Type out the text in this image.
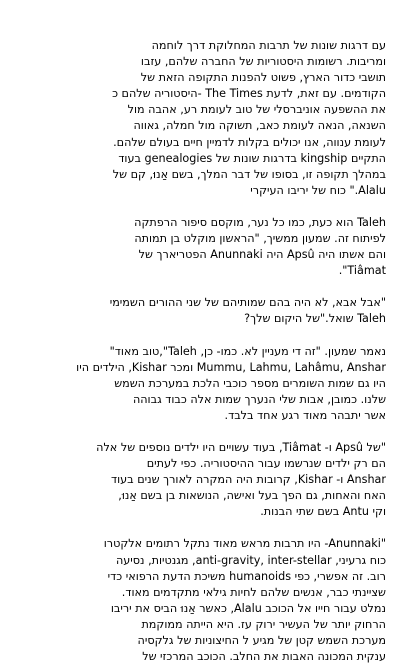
עם דרגות שונות של תרבות המחלוקת דרך לוחמה
ומריבות. רשומות היסטוריות של החברה שלהם, עזבו
תושבי כדור הארץ, פשוט להפנות התקופה הזאת של
הקודמים. עם זאת, לדעת The Times -היסטוריה שלהם כ
את ההשפעה אוניברסלי של טוב לעומת רע, אהבה מול
השנאה, הנאה לעומת כאב, תשוקה מול חמלה, גאווה
לעומת ענווה, אנו יכולים בקלות לדמיין חיים בעולם שלהם.
התקיים kingship בדרגות שונות של genealogies בעוד
במהלך תקופה זו, בסופו של דבר המלך, בשם אַנוּ, קם של
Alalu." כוח של יריבו העיקרי

Taleh הוא כעת, כמו כל נער, מוקסם סיפור הרפתקה
לפיתוח זה. שמעון ממשיך, "הראשון מוקלט בן תמותה
והם אשתו היה Apsû היה Anunnaki הפטריארך של
Tiâmat".

"אבל אבא, לא היה בהם שמותיהם של שני ההורים השמימי
Taleh שואל."של היקום שלך?

נאמר שמעון. "זה די מעניין לא. כמו- כן, Taleh",טוב מאוד"
Mummu, Lahmu, Lahâmu, Anshar ומכר Kishar, הילדים היו
היו גם שמות השומרים מספר כוכבי הלכת במערכת השמש
שלנו. כמובן, אבות שלי הנערך שמות אלה כבוד גבוהה
אשר יתבהר מאוד רגע אחד בלבד.

"של Apsû ו- Tiâmat, בעוד עשויים היו ילדים נוספים של אלה
הם רק ילדים שנרשמו עבור ההיסטוריה. כפי לעתים
Anshar ו- Kishar, קרובות היה המקרה לאורך שנים בעוד
האח והאחות, גם הפך בעל ואישה, הנושאות בן בשם אַנוּ,
וקי Antu בשם שתי הבנות.

"Anunnaki- היו תרבות מראש מאוד נתקל רתומים אלקטרו
כוח גרעיני, anti-gravity, inter-stellar, מגנטיות, נסיעה
רוב. זה אפשרי, כפי humanoids משיכת הדעת הרפואי כדי
שציינתי כבר, אנשים שלהם לחיות גילאי מתקדמים מאוד.
נמלט עבור חייו אל הכוכב Alalu, כאשר אַנוּ הביס את יריבו
הרחוק יותר של העשיר ירוק עז. היא הייתה ממוקמת
מערכת השמש קטן של מגיע ל החיצוניות של גלקסיה
ענקית המכונה האבות את החלב. הכוכב המרכזי של
